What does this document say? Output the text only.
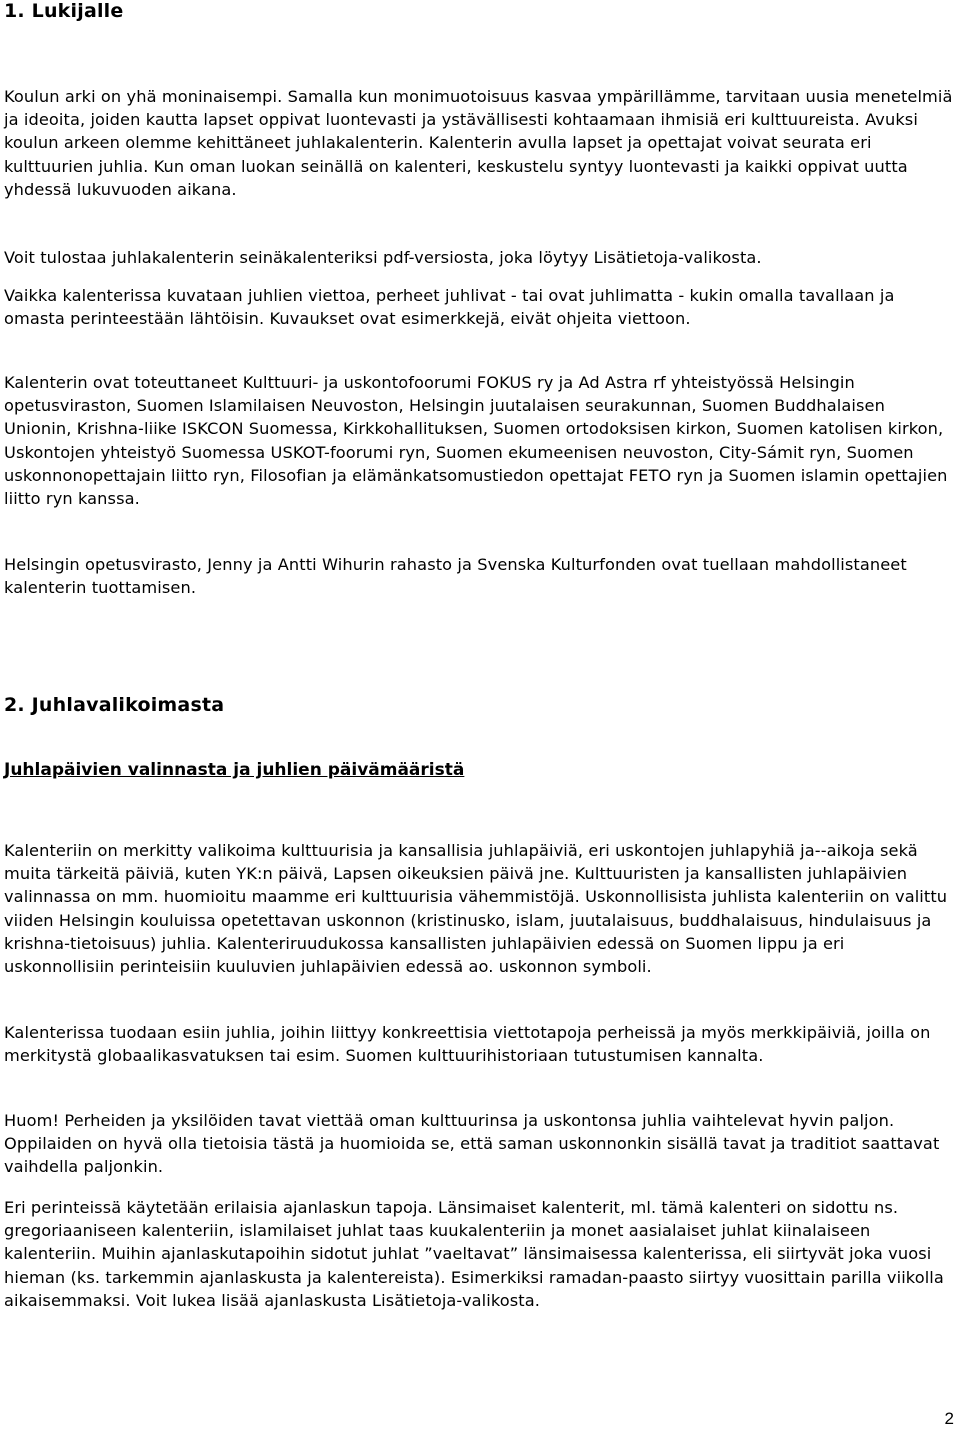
1. Lukijalle

Koulun arki on yhä moninaisempi. Samalla kun monimuotoisuus kasvaa ympärillämme, tarvitaan uusia menetelmiä ja ideoita, joiden kautta lapset oppivat luontevasti ja ystävällisesti kohtaamaan ihmisiä eri kulttuureista. Avuksi koulun arkeen olemme kehittäneet juhlakalenterin. Kalenterin avulla lapset ja opettajat voivat seurata eri kulttuurien juhlia. Kun oman luokan seinällä on kalenteri, keskustelu syntyy luontevasti ja kaikki oppivat uutta yhdessä lukuvuoden aikana.

Voit tulostaa juhlakalenterin seinäkalenteriksi pdf-versiosta, joka löytyy Lisätietoja-valikosta.

Vaikka kalenterissa kuvataan juhlien viettoa, perheet juhlivat - tai ovat juhlimatta - kukin omalla tavallaan ja omasta perinteestään lähtöisin. Kuvaukset ovat esimerkkejä, eivät ohjeita viettoon.

Kalenterin ovat toteuttaneet Kulttuuri- ja uskontofoorumi FOKUS ry ja Ad Astra rf yhteistyössä Helsingin opetusviraston, Suomen Islamilaisen Neuvoston, Helsingin juutalaisen seurakunnan, Suomen Buddhalaisen Unionin, Krishna-liike ISKCON Suomessa, Kirkkohallituksen, Suomen ortodoksisen kirkon, Suomen katolisen kirkon, Uskontojen yhteistyö Suomessa USKOT-foorumi ryn, Suomen ekumeenisen neuvoston, City-Sámit ryn, Suomen uskonnonopettajain liitto ryn, Filosofian ja elämänkatsomustiedon opettajat FETO ryn ja Suomen islamin opettajien liitto ryn kanssa.

Helsingin opetusvirasto, Jenny ja Antti Wihurin rahasto ja Svenska Kulturfonden ovat tuellaan mahdollistaneet kalenterin tuottamisen.

2. Juhlavalikoimasta
Juhlapäivien valinnasta ja juhlien päivämääristä

Kalenteriin on merkitty valikoima kulttuurisia ja kansallisia juhlapäiviä, eri uskontojen juhlapyhiä ja--aikoja sekä muita tärkeitä päiviä, kuten YK:n päivä, Lapsen oikeuksien päivä jne. Kulttuuristen ja kansallisten juhlapäivien valinnassa on mm. huomioitu maamme eri kulttuurisia vähemmistöjä. Uskonnollisista juhlista kalenteriin on valittu viiden Helsingin kouluissa opetettavan uskonnon (kristinusko, islam, juutalaisuus, buddhalaisuus, hindulaisuus ja krishna-tietoisuus) juhlia. Kalenteriruudukossa kansallisten juhlapäivien edessä on Suomen lippu ja eri uskonnollisiin perinteisiin kuuluvien juhlapäivien edessä ao. uskonnon symboli.

Kalenterissa tuodaan esiin juhlia, joihin liittyy konkreettisia viettotapoja perheissä ja myös merkkipäiviä, joilla on merkitystä globaalikasvatuksen tai esim. Suomen kulttuurihistoriaan tutustumisen kannalta.

Huom! Perheiden ja yksilöiden tavat viettää oman kulttuurinsa ja uskontonsa juhlia vaihtelevat hyvin paljon. Oppilaiden on hyvä olla tietoisia tästä ja huomioida se, että saman uskonnonkin sisällä tavat ja traditiot saattavat vaihdella paljonkin.

Eri perinteissä käytetään erilaisia ajanlaskun tapoja. Länsimaiset kalenterit, ml. tämä kalenteri on sidottu ns. gregoriaaniseen kalenteriin, islamilaiset juhlat taas kuukalenteriin ja monet aasialaiset juhlat kiinalaiseen kalenteriin. Muihin ajanlaskutapoihin sidotut juhlat ”vaeltavat” länsimaisessa kalenterissa, eli siirtyvät joka vuosi hieman (ks. tarkemmin ajanlaskusta ja kalentereista). Esimerkiksi ramadan-paasto siirtyy vuosittain parilla viikolla aikaisemmaksi. Voit lukea lisää ajanlaskusta Lisätietoja-valikosta.

2
